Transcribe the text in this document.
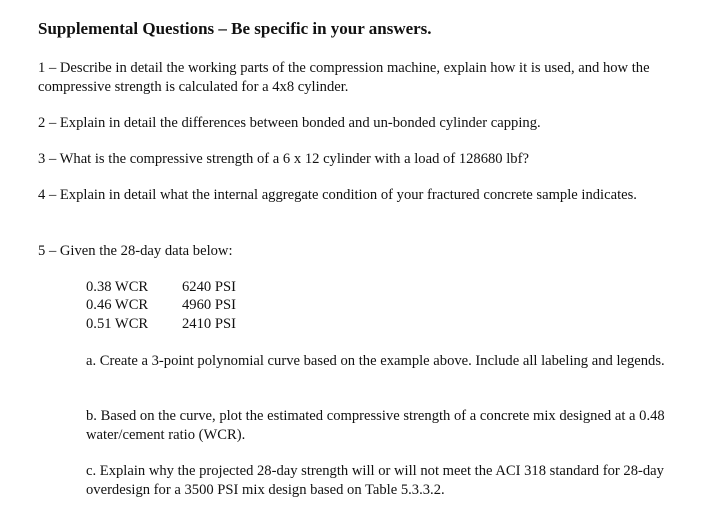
Supplemental Questions – Be specific in your answers.
1 – Describe in detail the working parts of the compression machine, explain how it is used, and how the compressive strength is calculated for a 4x8 cylinder.
2 – Explain in detail the differences between bonded and un-bonded cylinder capping.
3 – What is the compressive strength of a 6 x 12 cylinder with a load of 128680 lbf?
4 – Explain in detail what the internal aggregate condition of your fractured concrete sample indicates.
5 – Given the 28-day data below:
0.38 WCR	6240 PSI
0.46 WCR	4960 PSI
0.51 WCR	2410 PSI
a. Create a 3-point polynomial curve based on the example above. Include all labeling and legends.
b. Based on the curve, plot the estimated compressive strength of a concrete mix designed at a 0.48 water/cement ratio (WCR).
c. Explain why the projected 28-day strength will or will not meet the ACI 318 standard for 28-day overdesign for a 3500 PSI mix design based on Table 5.3.3.2.
